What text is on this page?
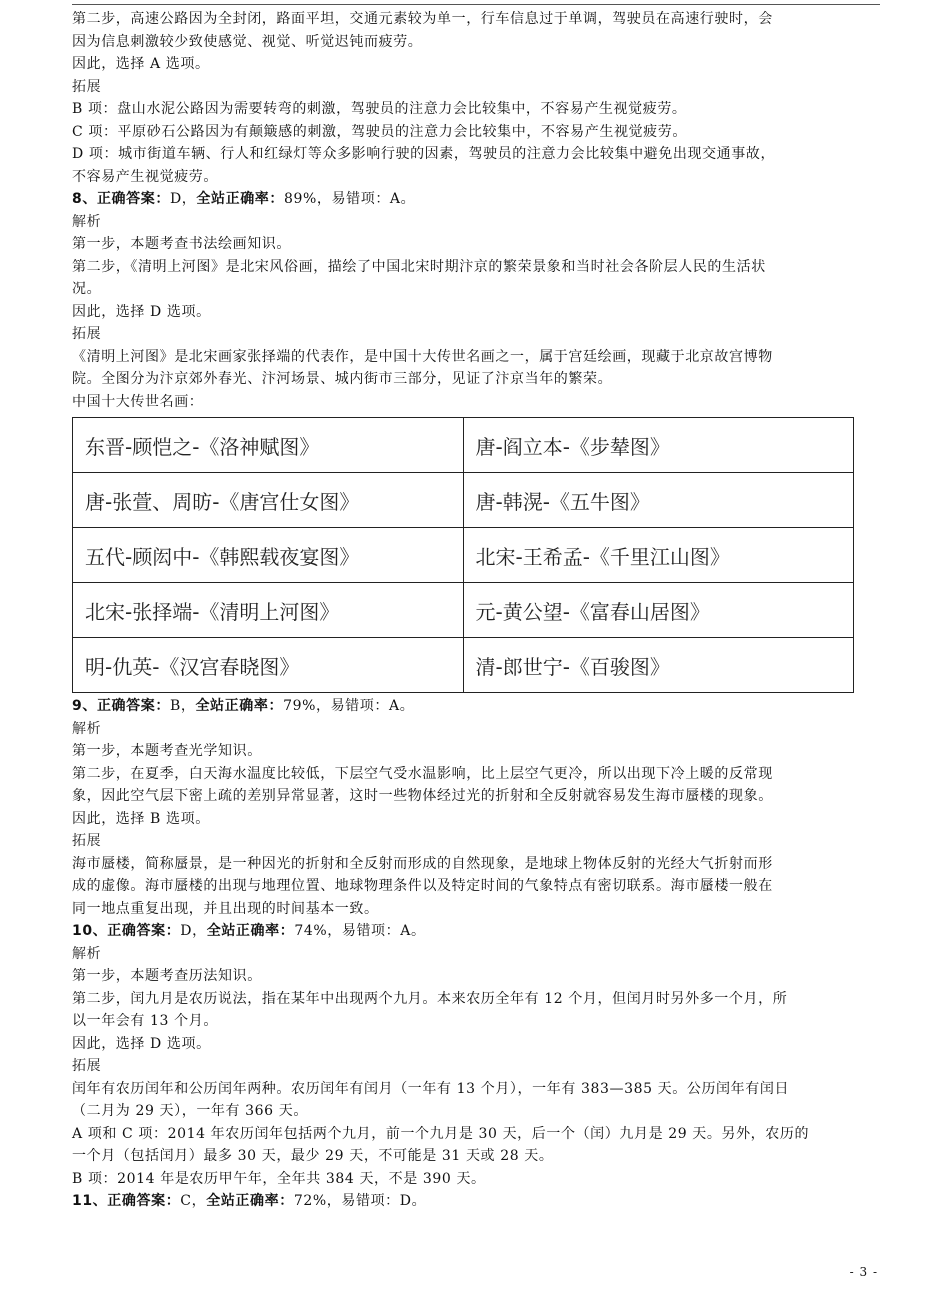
第二步，高速公路因为全封闭，路面平坦，交通元素较为单一，行车信息过于单调，驾驶员在高速行驶时，会

因为信息刺激较少致使感觉、视觉、听觉迟钝而疲劳。

因此，选择 A 选项。

拓展

B 项：盘山水泥公路因为需要转弯的刺激，驾驶员的注意力会比较集中，不容易产生视觉疲劳。

C 项：平原砂石公路因为有颠簸感的刺激，驾驶员的注意力会比较集中，不容易产生视觉疲劳。

D 项：城市街道车辆、行人和红绿灯等众多影响行驶的因素，驾驶员的注意力会比较集中避免出现交通事故，

不容易产生视觉疲劳。

8、正确答案：D，全站正确率：89%，易错项：A。

解析

第一步，本题考查书法绘画知识。

第二步，《清明上河图》是北宋风俗画，描绘了中国北宋时期汴京的繁荣景象和当时社会各阶层人民的生活状

况。

因此，选择 D 选项。

拓展

《清明上河图》是北宋画家张择端的代表作，是中国十大传世名画之一，属于宫廷绘画，现藏于北京故宫博物

院。全图分为汴京郊外春光、汴河场景、城内街市三部分，见证了汴京当年的繁荣。

中国十大传世名画：

东晋-顾恺之-《洛神赋图》	唐-阎立本-《步辇图》
唐-张萱、周昉-《唐宫仕女图》	唐-韩滉-《五牛图》
五代-顾闳中-《韩熙载夜宴图》	北宋-王希孟-《千里江山图》
北宋-张择端-《清明上河图》	元-黄公望-《富春山居图》
明-仇英-《汉宫春晓图》	清-郎世宁-《百骏图》

9、正确答案：B，全站正确率：79%，易错项：A。

解析

第一步，本题考查光学知识。

第二步，在夏季，白天海水温度比较低，下层空气受水温影响，比上层空气更冷，所以出现下冷上暖的反常现

象，因此空气层下密上疏的差别异常显著，这时一些物体经过光的折射和全反射就容易发生海市蜃楼的现象。

因此，选择 B 选项。

拓展

海市蜃楼，简称蜃景，是一种因光的折射和全反射而形成的自然现象，是地球上物体反射的光经大气折射而形

成的虚像。海市蜃楼的出现与地理位置、地球物理条件以及特定时间的气象特点有密切联系。海市蜃楼一般在

同一地点重复出现，并且出现的时间基本一致。

10、正确答案：D，全站正确率：74%，易错项：A。

解析

第一步，本题考查历法知识。

第二步，闰九月是农历说法，指在某年中出现两个九月。本来农历全年有 12 个月，但闰月时另外多一个月，所

以一年会有 13 个月。

因此，选择 D 选项。

拓展

闰年有农历闰年和公历闰年两种。农历闰年有闰月（一年有 13 个月），一年有 383—385 天。公历闰年有闰日

（二月为 29 天），一年有 366 天。

A 项和 C 项：2014 年农历闰年包括两个九月，前一个九月是 30 天，后一个（闰）九月是 29 天。另外，农历的

一个月（包括闰月）最多 30 天，最少 29 天，不可能是 31 天或 28 天。

B 项：2014 年是农历甲午年，全年共 384 天，不是 390 天。

11、正确答案：C，全站正确率：72%，易错项：D。

- 3 -
